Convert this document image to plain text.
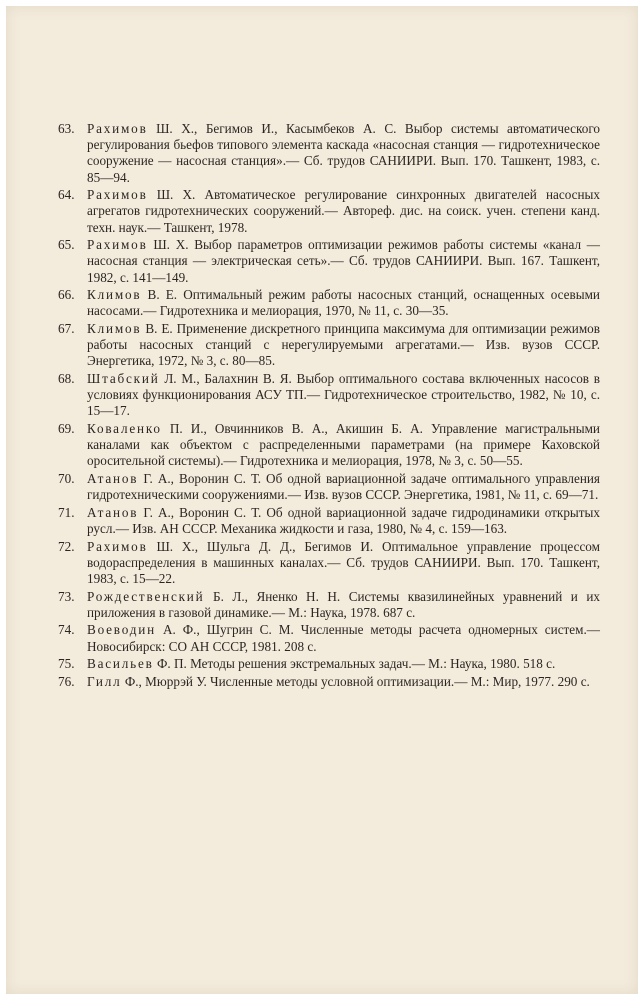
63. Рахимов Ш. Х., Бегимов И., Касымбеков А. С. Выбор системы автоматического регулирования бьефов типового элемента каскада «насосная станция — гидротехническое сооружение — насосная станция».— Сб. трудов САНИИРИ. Вып. 170. Ташкент, 1983, с. 85—94.
64. Рахимов Ш. Х. Автоматическое регулирование синхронных двигателей насосных агрегатов гидротехнических сооружений.— Автореф. дис. на соиск. учен. степени канд. техн. наук.— Ташкент, 1978.
65. Рахимов Ш. Х. Выбор параметров оптимизации режимов работы системы «канал — насосная станция — электрическая сеть».— Сб. трудов САНИИРИ. Вып. 167. Ташкент, 1982, с. 141—149.
66. Климов В. Е. Оптимальный режим работы насосных станций, оснащенных осевыми насосами.— Гидротехника и мелиорация, 1970, № 11, с. 30—35.
67. Климов В. Е. Применение дискретного принципа максимума для оптимизации режимов работы насосных станций с нерегулируемыми агрегатами.— Изв. вузов СССР. Энергетика, 1972, № 3, с. 80—85.
68. Штабский Л. М., Балахнин В. Я. Выбор оптимального состава включенных насосов в условиях функционирования АСУ ТП.— Гидротехническое строительство, 1982, № 10, с. 15—17.
69. Коваленко П. И., Овчинников В. А., Акишин Б. А. Управление магистральными каналами как объектом с распределенными параметрами (на примере Каховской оросительной системы).— Гидротехника и мелиорация, 1978, № 3, с. 50—55.
70. Атанов Г. А., Воронин С. Т. Об одной вариационной задаче оптимального управления гидротехническими сооружениями.— Изв. вузов СССР. Энергетика, 1981, № 11, с. 69—71.
71. Атанов Г. А., Воронин С. Т. Об одной вариационной задаче гидродинамики открытых русл.— Изв. АН СССР. Механика жидкости и газа, 1980, № 4, с. 159—163.
72. Рахимов Ш. Х., Шульга Д. Д., Бегимов И. Оптимальное управление процессом водораспределения в машинных каналах.— Сб. трудов САНИИРИ. Вып. 170. Ташкент, 1983, с. 15—22.
73. Рождественский Б. Л., Яненко Н. Н. Системы квазилинейных уравнений и их приложения в газовой динамике.— М.: Наука, 1978. 687 с.
74. Воеводин А. Ф., Шугрин С. М. Численные методы расчета одномерных систем.— Новосибирск: СО АН СССР, 1981. 208 с.
75. Васильев Ф. П. Методы решения экстремальных задач.— М.: Наука, 1980. 518 с.
76. Гилл Ф., Мюррэй У. Численные методы условной оптимизации.— М.: Мир, 1977. 290 с.
